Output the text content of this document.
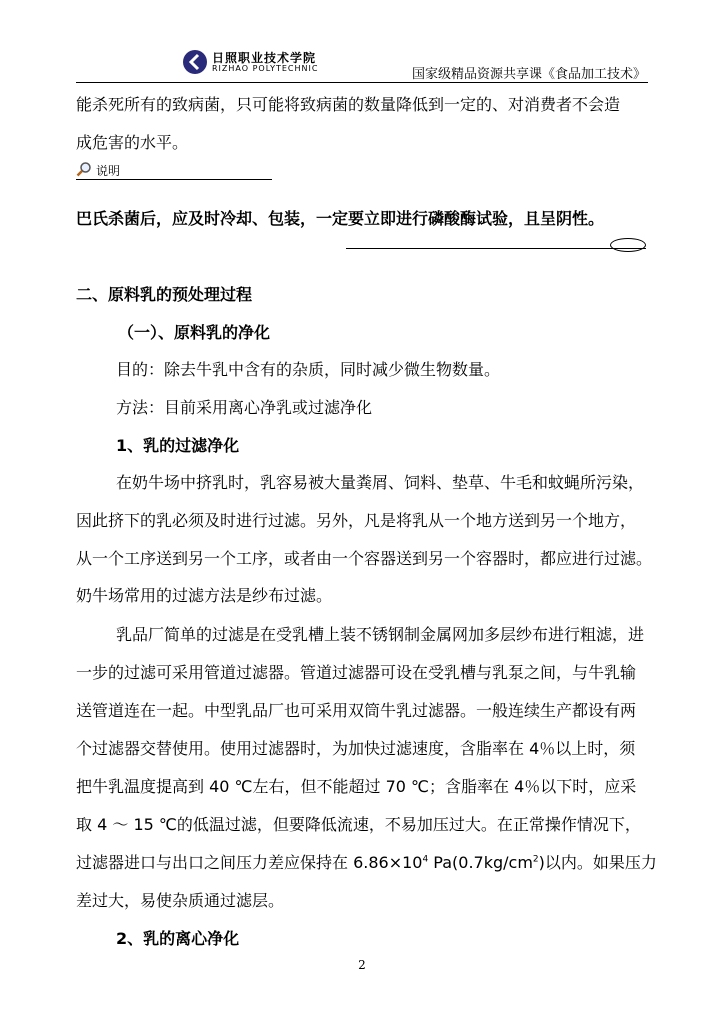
日照职业技术学院
RIZHAO POLYTECHNIC	国家级精品资源共享课《食品加工技术》
能杀死所有的致病菌，只可能将致病菌的数量降低到一定的、对消费者不会造
成危害的水平。
说明
巴氏杀菌后，应及时冷却、包装，一定要立即进行磷酸酶试验，且呈阴性。
二、原料乳的预处理过程
（一）、原料乳的净化
目的：除去牛乳中含有的杂质，同时减少微生物数量。
方法：目前采用离心净乳或过滤净化
1、乳的过滤净化
在奶牛场中挤乳时，乳容易被大量粪屑、饲料、垫草、牛毛和蚊蝇所污染，
因此挤下的乳必须及时进行过滤。另外，凡是将乳从一个地方送到另一个地方，
从一个工序送到另一个工序，或者由一个容器送到另一个容器时，都应进行过滤。
奶牛场常用的过滤方法是纱布过滤。
乳品厂简单的过滤是在受乳槽上装不锈钢制金属网加多层纱布进行粗滤，进
一步的过滤可采用管道过滤器。管道过滤器可设在受乳槽与乳泵之间，与牛乳输
送管道连在一起。中型乳品厂也可采用双筒牛乳过滤器。一般连续生产都设有两
个过滤器交替使用。使用过滤器时，为加快过滤速度，含脂率在 4％以上时，须
把牛乳温度提高到 40 ℃左右，但不能超过 70 ℃；含脂率在 4％以下时，应采
取 4 ～ 15 ℃的低温过滤，但要降低流速，不易加压过大。在正常操作情况下，
过滤器进口与出口之间压力差应保持在 $6.86\times 10^4$ $Pa(0.7kg/cm^2)$以内。如果压力
差过大，易使杂质通过滤层。
2、乳的离心净化
2
